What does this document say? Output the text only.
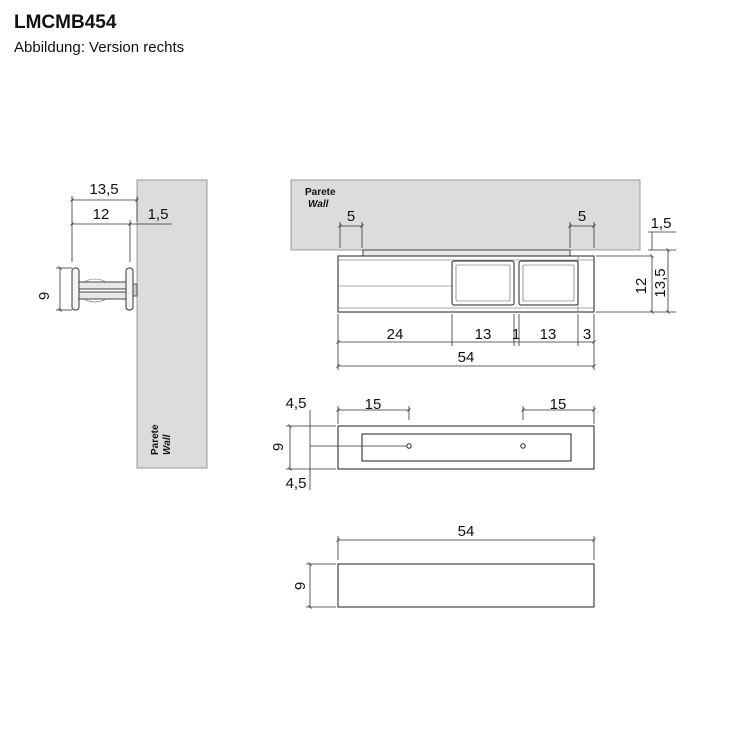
LMCMB454

Abbildung: Version rechts

Parete Wall
13,5
12	1,5
9
Parete
Wall
5	5	1,5
12 13,5
24	13 1 13 3
54
15	15
4,5
4,5
9
54
9
